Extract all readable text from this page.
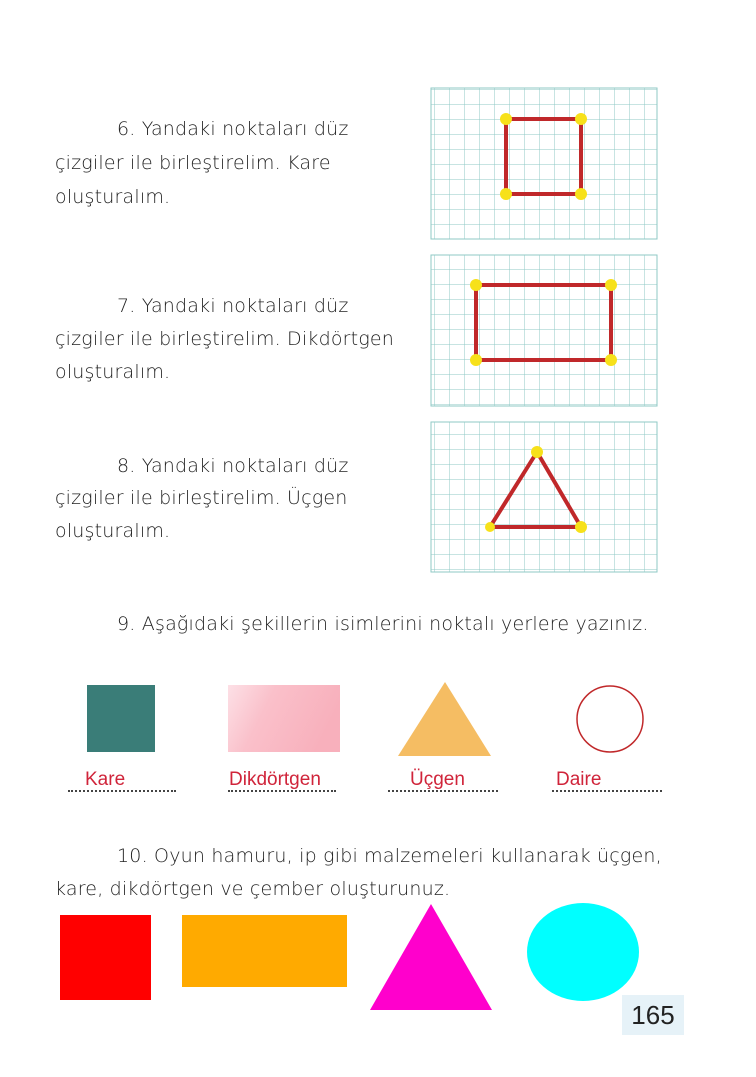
6. Yandaki noktaları düz
çizgiler ile birleştirelim. Kare
oluşturalım.
7. Yandaki noktaları düz
çizgiler ile birleştirelim. Dikdörtgen
oluşturalım.
8. Yandaki noktaları düz
çizgiler ile birleştirelim. Üçgen
oluşturalım.
9. Aşağıdaki şekillerin isimlerini noktalı yerlere yazınız.
Kare	Dikdörtgen	Üçgen	Daire
10. Oyun hamuru, ip gibi malzemeleri kullanarak üçgen,
kare, dikdörtgen ve çember oluşturunuz.
165
